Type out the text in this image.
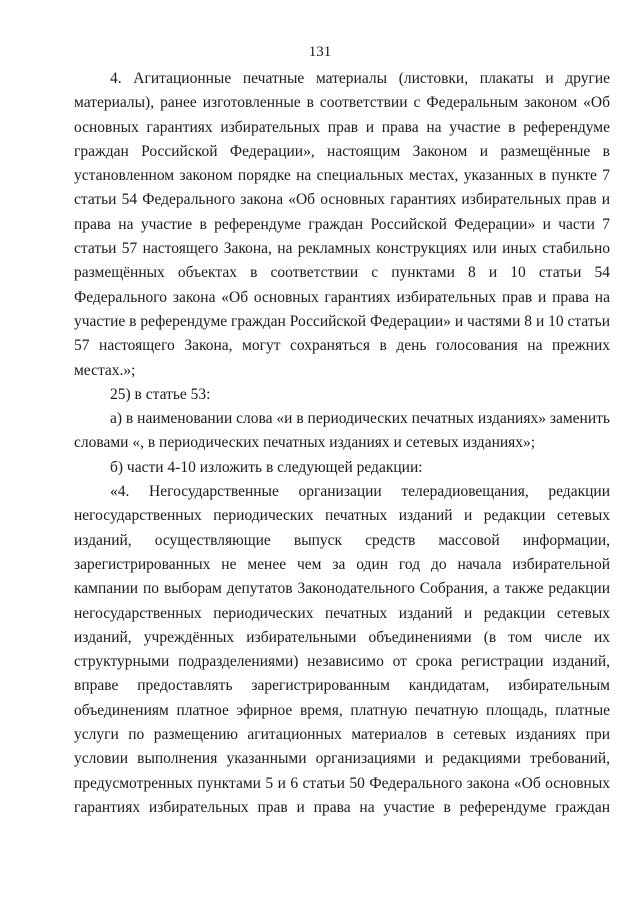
131

4. Агитационные печатные материалы (листовки, плакаты и другие материалы), ранее изготовленные в соответствии с Федеральным законом «Об основных гарантиях избирательных прав и права на участие в референдуме граждан Российской Федерации», настоящим Законом и размещённые в установленном законом порядке на специальных местах, указанных в пункте 7 статьи 54 Федерального закона «Об основных гарантиях избирательных прав и права на участие в референдуме граждан Российской Федерации» и части 7 статьи 57 настоящего Закона, на рекламных конструкциях или иных стабильно размещённых объектах в соответствии с пунктами 8 и 10 статьи 54 Федерального закона «Об основных гарантиях избирательных прав и права на участие в референдуме граждан Российской Федерации» и частями 8 и 10 статьи 57 настоящего Закона, могут сохраняться в день голосования на прежних местах.»;

25) в статье 53:

а) в наименовании слова «и в периодических печатных изданиях» заменить словами «, в периодических печатных изданиях и сетевых изданиях»;

б) части 4-10 изложить в следующей редакции:

«4. Негосударственные организации телерадиовещания, редакции негосударственных периодических печатных изданий и редакции сетевых изданий, осуществляющие выпуск средств массовой информации, зарегистрированных не менее чем за один год до начала избирательной кампании по выборам депутатов Законодательного Собрания, а также редакции негосударственных периодических печатных изданий и редакции сетевых изданий, учреждённых избирательными объединениями (в том числе их структурными подразделениями) независимо от срока регистрации изданий, вправе предоставлять зарегистрированным кандидатам, избирательным объединениям платное эфирное время, платную печатную площадь, платные услуги по размещению агитационных материалов в сетевых изданиях при условии выполнения указанными организациями и редакциями требований, предусмотренных пунктами 5 и 6 статьи 50 Федерального закона «Об основных гарантиях избирательных прав и права на участие в референдуме граждан
